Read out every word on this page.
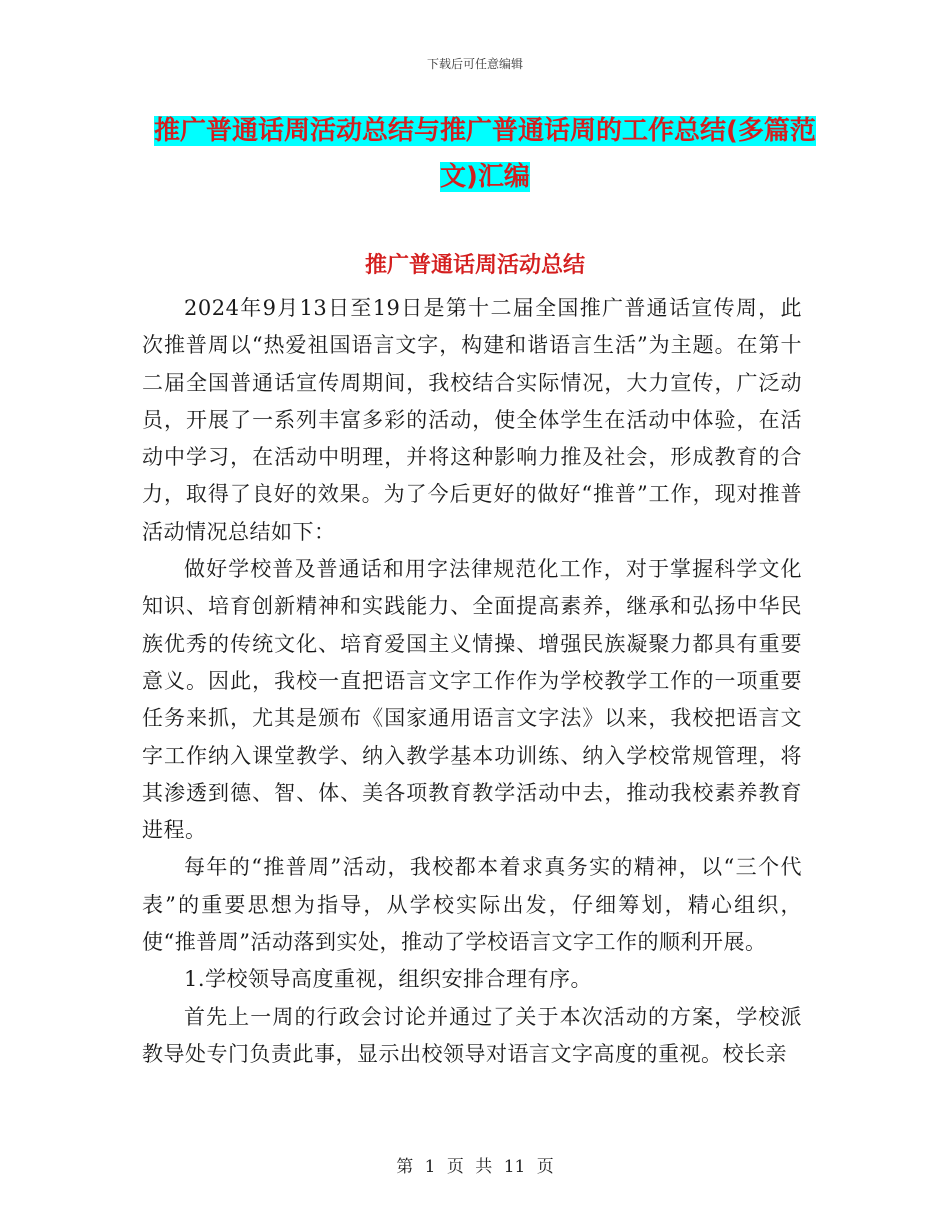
下载后可任意编辑
推广普通话周活动总结与推广普通话周的工作总结(多篇范文)汇编
推广普通话周活动总结

2024年9月13日至19日是第十二届全国推广普通话宣传周，此次推普周以“热爱祖国语言文字，构建和谐语言生活”为主题。在第十二届全国普通话宣传周期间，我校结合实际情况，大力宣传，广泛动员，开展了一系列丰富多彩的活动，使全体学生在活动中体验，在活动中学习，在活动中明理，并将这种影响力推及社会，形成教育的合力，取得了良好的效果。为了今后更好的做好“推普”工作，现对推普活动情况总结如下：

做好学校普及普通话和用字法律规范化工作，对于掌握科学文化知识、培育创新精神和实践能力、全面提高素养，继承和弘扬中华民族优秀的传统文化、培育爱国主义情操、增强民族凝聚力都具有重要意义。因此，我校一直把语言文字工作作为学校教学工作的一项重要任务来抓，尤其是颁布《国家通用语言文字法》以来，我校把语言文字工作纳入课堂教学、纳入教学基本功训练、纳入学校常规管理，将其渗透到德、智、体、美各项教育教学活动中去，推动我校素养教育进程。

每年的“推普周”活动，我校都本着求真务实的精神，以“三个代表”的重要思想为指导，从学校实际出发，仔细筹划，精心组织，使“推普周”活动落到实处，推动了学校语言文字工作的顺利开展。

1.学校领导高度重视，组织安排合理有序。

首先上一周的行政会讨论并通过了关于本次活动的方案，学校派教导处专门负责此事，显示出校领导对语言文字高度的重视。校长亲

第 1 页 共 11 页
